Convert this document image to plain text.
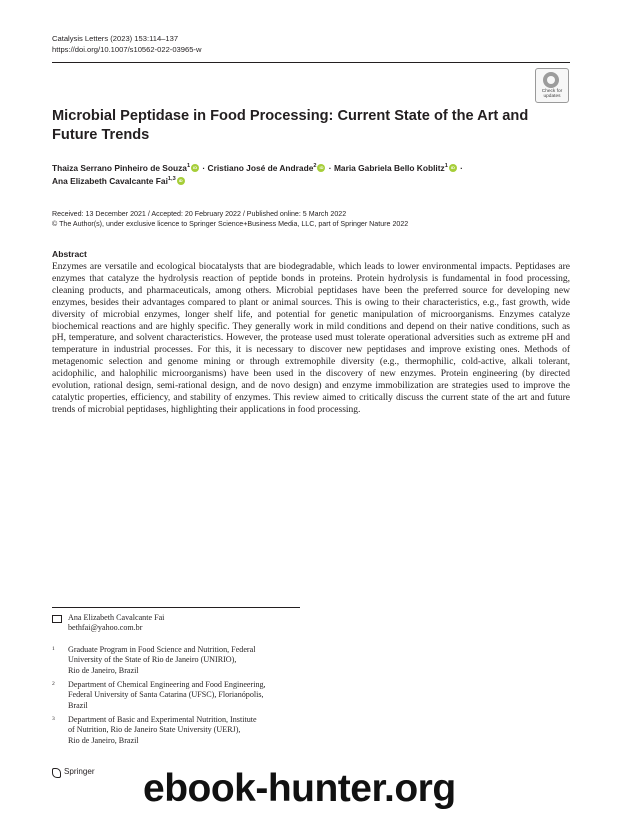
Catalysis Letters (2023) 153:114–137
https://doi.org/10.1007/s10562-022-03965-w
Check for
updates
Microbial Peptidase in Food Processing: Current State of the Art and Future Trends
Thaiza Serrano Pinheiro de Souza$^1$iD · Cristiano José de Andrade$^2$iD · Maria Gabriela Bello Koblitz$^1$iD ·
Ana Elizabeth Cavalcante Fai$^{1,3}$iD
Received: 13 December 2021 / Accepted: 20 February 2022 / Published online: 5 March 2022
© The Author(s), under exclusive licence to Springer Science+Business Media, LLC, part of Springer Nature 2022
Abstract
Enzymes are versatile and ecological biocatalysts that are biodegradable, which leads to lower environmental impacts. Peptidases are enzymes that catalyze the hydrolysis reaction of peptide bonds in proteins. Protein hydrolysis is fundamental in food processing, cleaning products, and pharmaceuticals, among others. Microbial peptidases have been the preferred source for developing new enzymes, besides their advantages compared to plant or animal sources. This is owing to their characteristics, e.g., fast growth, wide diversity of microbial enzymes, longer shelf life, and potential for genetic manipulation of microorganisms. Enzymes catalyze biochemical reactions and are highly specific. They generally work in mild conditions and depend on their native conditions, such as pH, temperature, and solvent characteristics. However, the protease used must tolerate operational adversities such as extreme pH and temperature in industrial processes. For this, it is necessary to discover new peptidases and improve existing ones. Methods of metagenomic selection and genome mining or through extremophile diversity (e.g., thermophilic, cold-active, alkali tolerant, acidophilic, and halophilic microorganisms) have been used in the discovery of new enzymes. Protein engineering (by directed evolution, rational design, semi-rational design, and de novo design) and enzyme immobilization are strategies used to improve the catalytic properties, efficiency, and stability of enzymes. This review aimed to critically discuss the current state of the art and future trends of microbial peptidases, highlighting their applications in food processing.
Ana Elizabeth Cavalcante Fai
bethfai@yahoo.com.br
1 Graduate Program in Food Science and Nutrition, Federal
University of the State of Rio de Janeiro (UNIRIO),
Rio de Janeiro, Brazil
2 Department of Chemical Engineering and Food Engineering,
Federal University of Santa Catarina (UFSC), Florianópolis,
Brazil
3 Department of Basic and Experimental Nutrition, Institute
of Nutrition, Rio de Janeiro State University (UERJ),
Rio de Janeiro, Brazil
Springer ebook-hunter.org
